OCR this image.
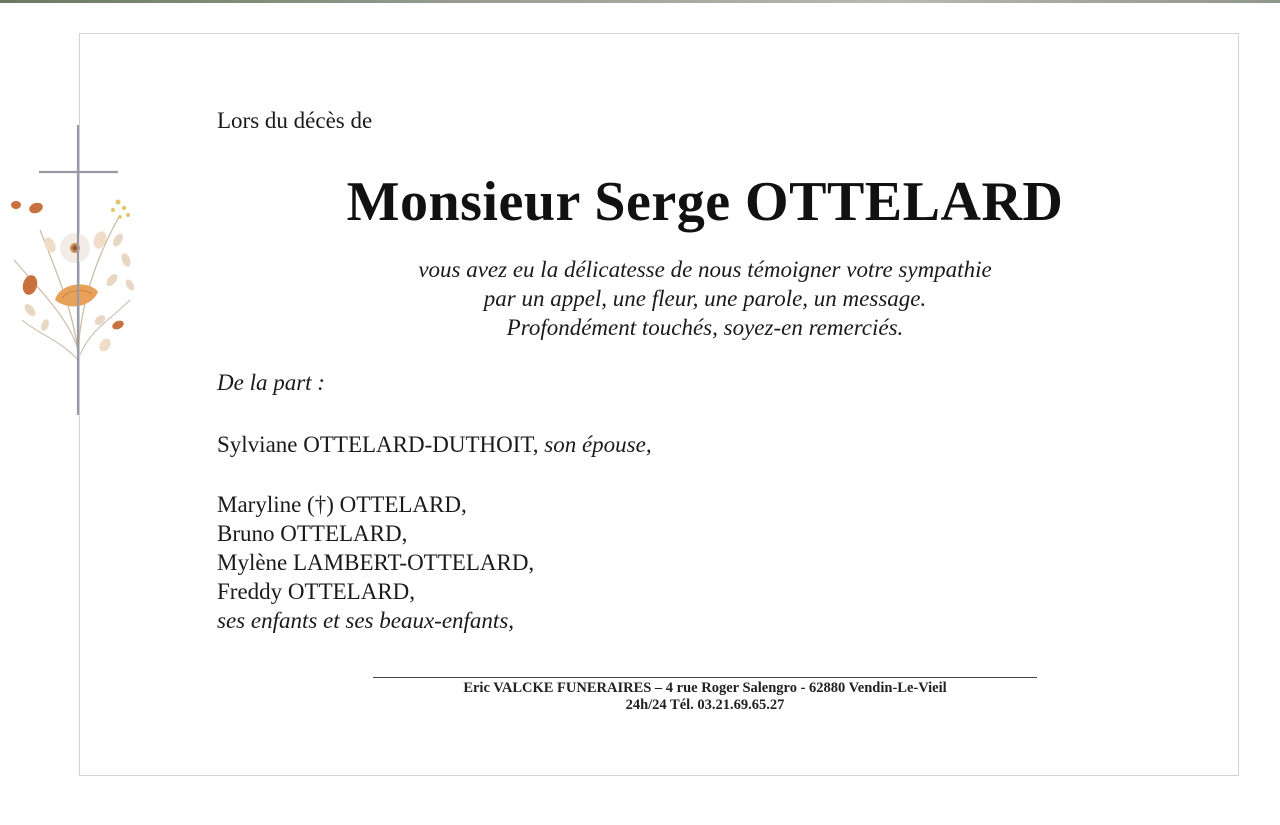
Lors du décès de
Monsieur Serge OTTELARD
vous avez eu la délicatesse de nous témoigner votre sympathie
par un appel, une fleur, une parole, un message.
Profondément touchés, soyez-en remerciés.
De la part :
Sylviane OTTELARD-DUTHOIT, son épouse,
Maryline (†) OTTELARD,
Bruno OTTELARD,
Mylène LAMBERT-OTTELARD,
Freddy OTTELARD,
ses enfants et ses beaux-enfants,
Eric VALCKE FUNERAIRES – 4 rue Roger Salengro - 62880 Vendin-Le-Vieil
24h/24 Tél. 03.21.69.65.27
